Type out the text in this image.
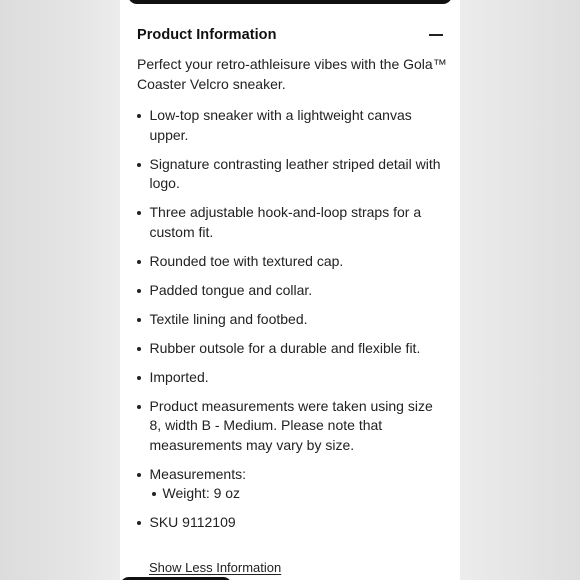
Product Information

Perfect your retro-athleisure vibes with the Gola™ Coaster Velcro sneaker.

Low-top sneaker with a lightweight canvas upper.
Signature contrasting leather striped detail with logo.
Three adjustable hook-and-loop straps for a custom fit.
Rounded toe with textured cap.
Padded tongue and collar.
Textile lining and footbed.
Rubber outsole for a durable and flexible fit.
Imported.
Product measurements were taken using size 8, width B - Medium. Please note that measurements may vary by size.
Measurements:
Weight: 9 oz
SKU 9112109
Show Less Information
